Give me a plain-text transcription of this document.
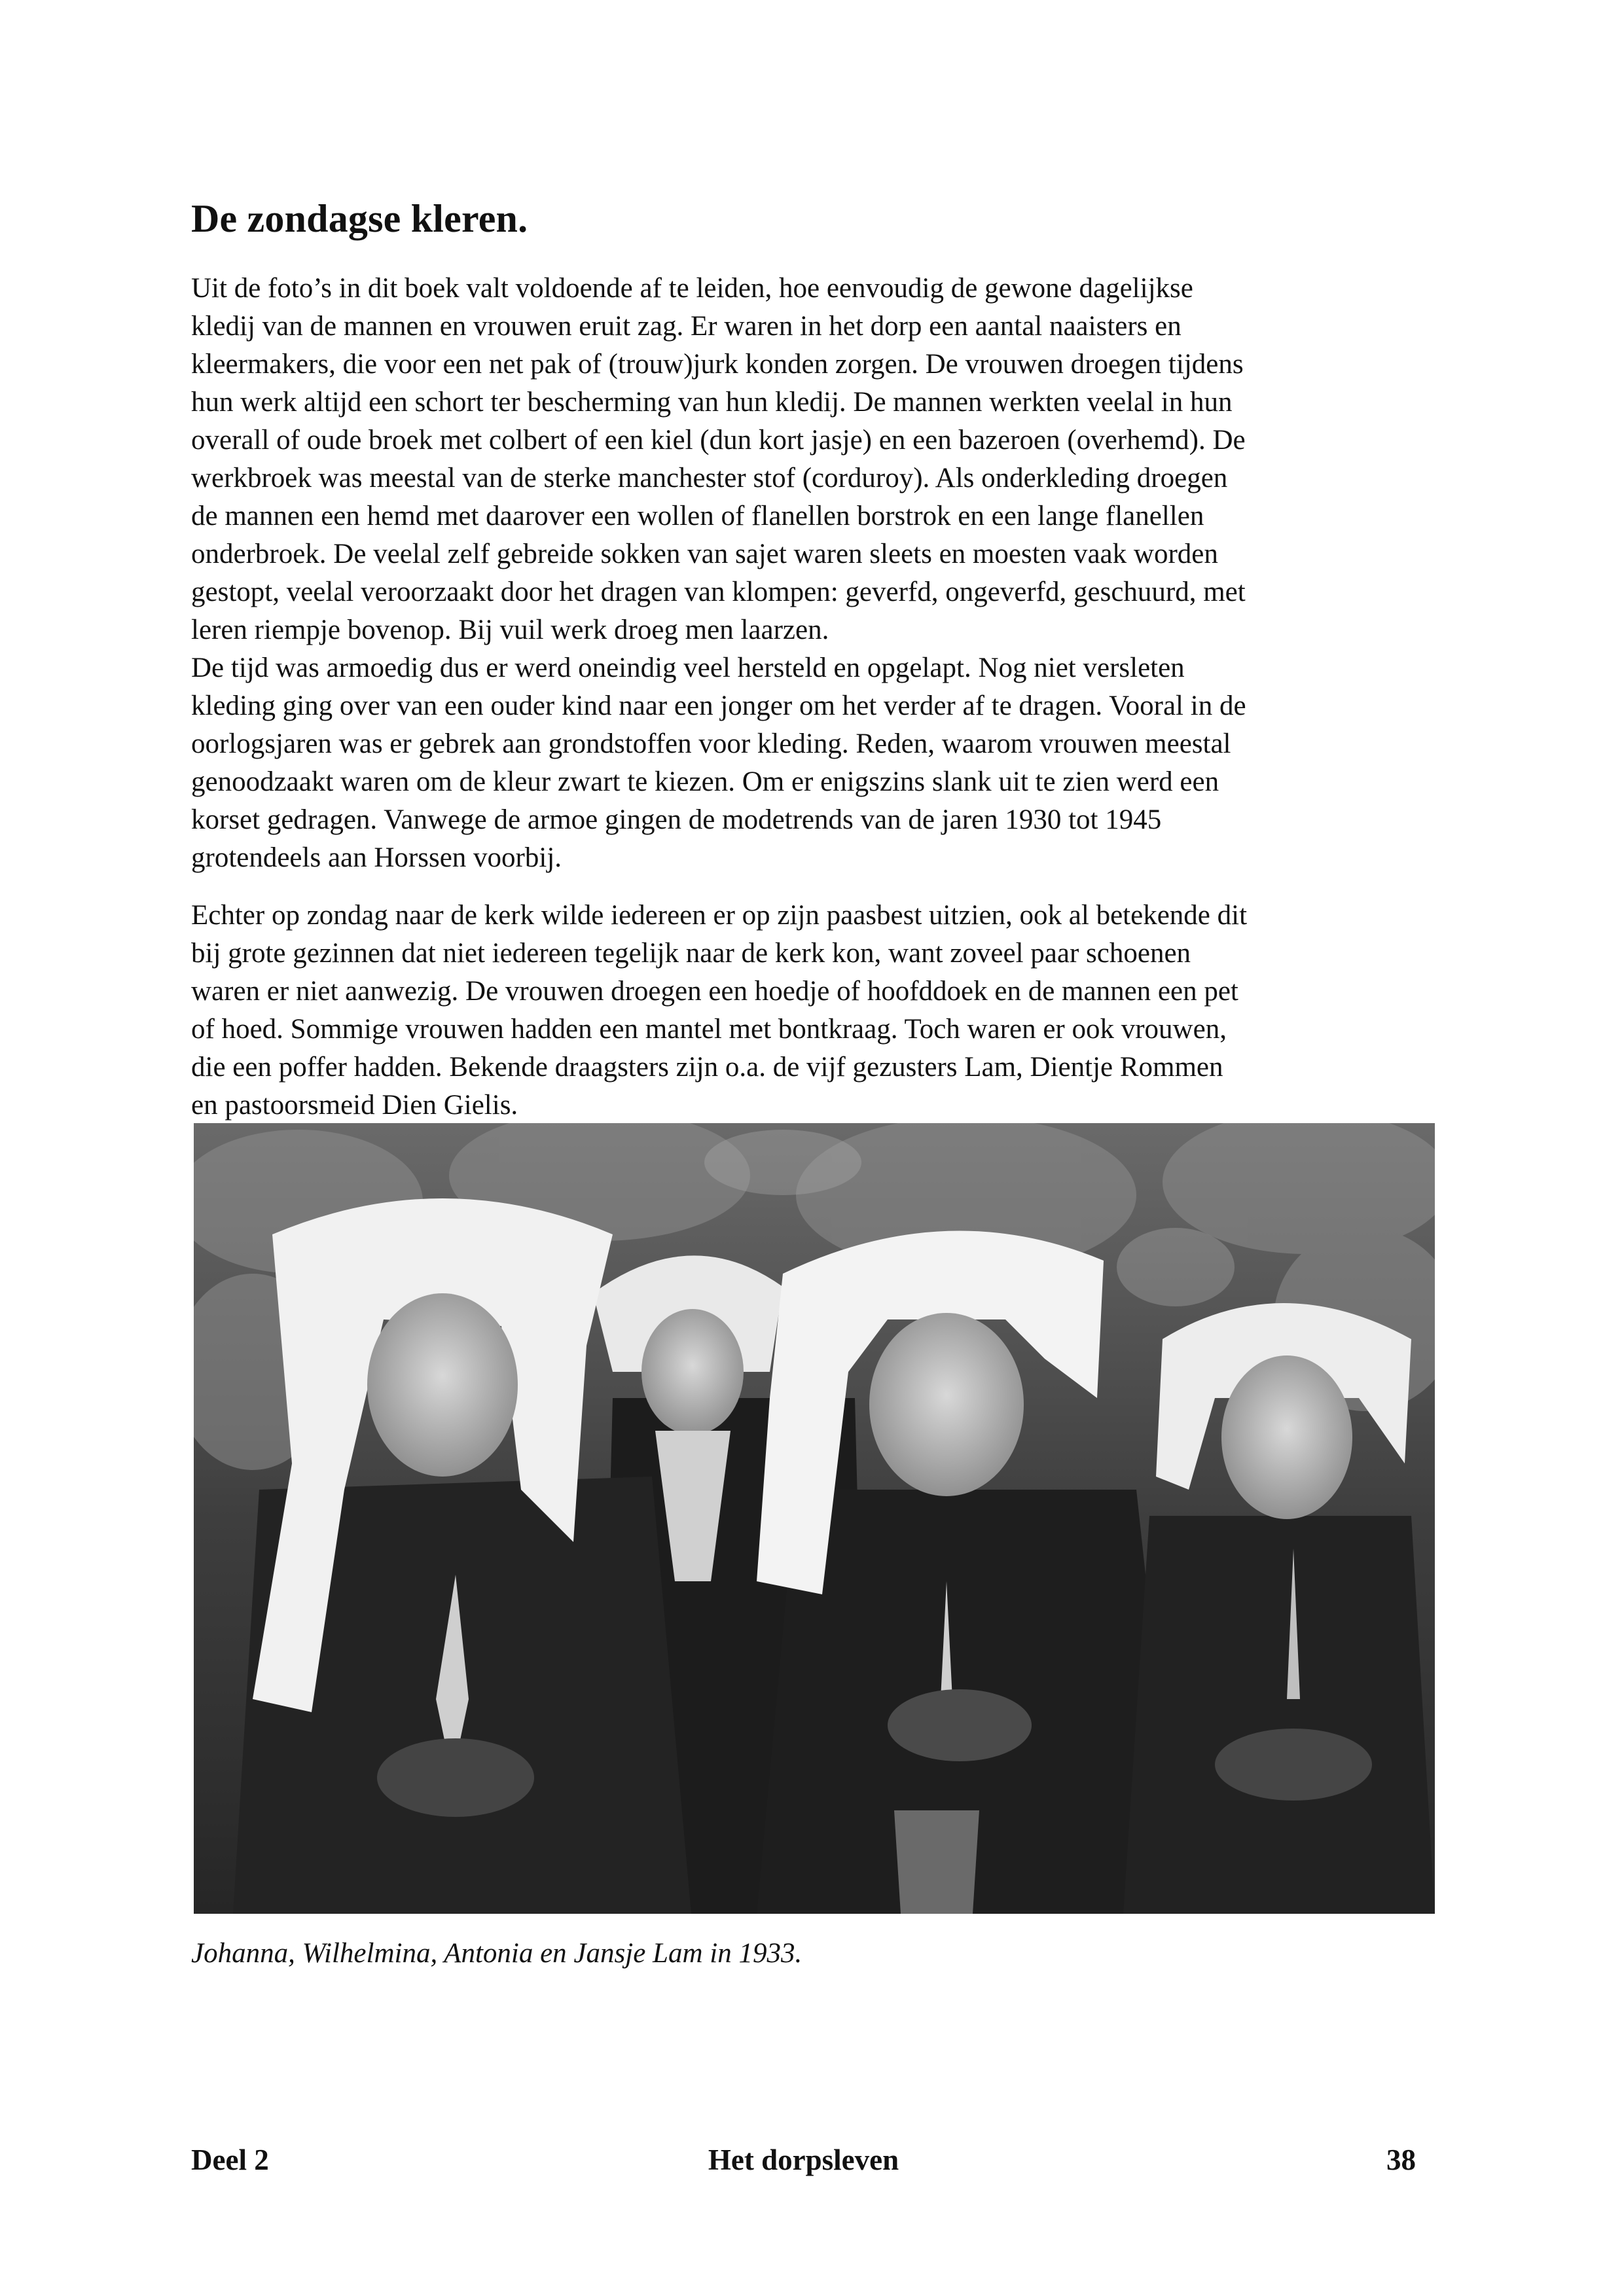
De zondagse kleren.

Uit de foto’s in dit boek valt voldoende af te leiden, hoe eenvoudig de gewone dagelijkse
kledij van de mannen en vrouwen eruit zag. Er waren in het dorp een aantal naaisters en
kleermakers, die voor een net pak of (trouw)jurk konden zorgen. De vrouwen droegen tijdens
hun werk altijd een schort ter bescherming van hun kledij. De mannen werkten veelal in hun
overall of oude broek met colbert of een kiel (dun kort jasje) en een bazeroen (overhemd). De
werkbroek was meestal van de sterke manchester stof (corduroy). Als onderkleding droegen
de mannen een hemd met daarover een wollen of flanellen borstrok en een lange flanellen
onderbroek. De veelal zelf gebreide sokken van sajet waren sleets en moesten vaak worden
gestopt, veelal veroorzaakt door het dragen van klompen: geverfd, ongeverfd, geschuurd, met
leren riempje bovenop. Bij vuil werk droeg men laarzen.
De tijd was armoedig dus er werd oneindig veel hersteld en opgelapt. Nog niet versleten
kleding ging over van een ouder kind naar een jonger om het verder af te dragen. Vooral in de
oorlogsjaren was er gebrek aan grondstoffen voor kleding. Reden, waarom vrouwen meestal
genoodzaakt waren om de kleur zwart te kiezen. Om er enigszins slank uit te zien werd een
korset gedragen. Vanwege de armoe gingen de modetrends van de jaren 1930 tot 1945
grotendeels aan Horssen voorbij.

Echter op zondag naar de kerk wilde iedereen er op zijn paasbest uitzien, ook al betekende dit
bij grote gezinnen dat niet iedereen tegelijk naar de kerk kon, want zoveel paar schoenen
waren er niet aanwezig. De vrouwen droegen een hoedje of hoofddoek en de mannen een pet
of hoed. Sommige vrouwen hadden een mantel met bontkraag. Toch waren er ook vrouwen,
die een poffer hadden. Bekende draagsters zijn o.a. de vijf gezusters Lam, Dientje Rommen
en pastoorsmeid Dien Gielis.

Johanna, Wilhelmina, Antonia en Jansje Lam in 1933.

Deel 2	Het dorpsleven	38
